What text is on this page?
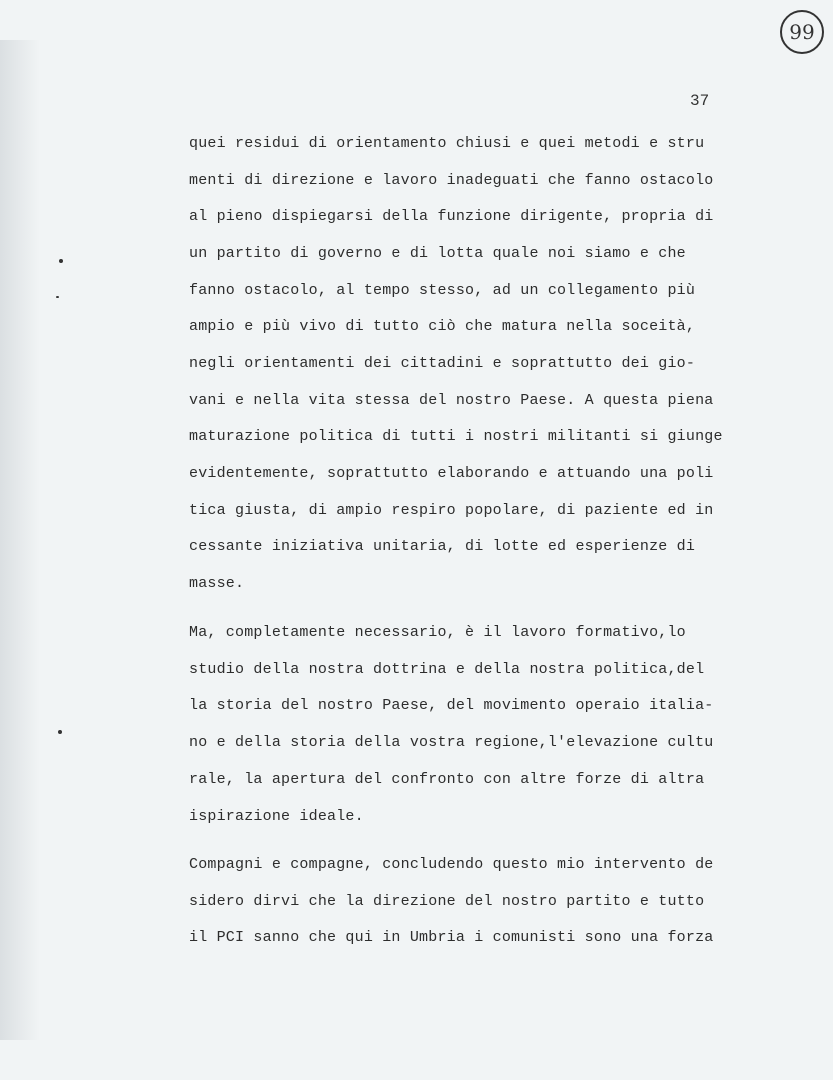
99
37
quei residui di orientamento chiusi e quei metodi e stru
menti di direzione e lavoro inadeguati che fanno ostacolo
al pieno dispiegarsi della funzione dirigente, propria di
un partito di governo e di lotta quale noi siamo e che
fanno ostacolo, al tempo stesso, ad un collegamento più
ampio e più vivo di tutto ciò che matura nella soceità,
negli orientamenti dei cittadini e soprattutto dei gio-
vani e nella vita stessa del nostro Paese. A questa piena
maturazione politica di tutti i nostri militanti si giunge
evidentemente, soprattutto elaborando e attuando una poli
tica giusta, di ampio respiro popolare, di paziente ed in
cessante iniziativa unitaria, di lotte ed esperienze di
masse.
Ma, completamente necessario, è il lavoro formativo,lo
studio della nostra dottrina e della nostra politica,del
la storia del nostro Paese, del movimento operaio italia-
no e della storia della vostra regione,l'elevazione cultu
rale, la apertura del confronto con altre forze di altra
ispirazione ideale.
Compagni e compagne, concludendo questo mio intervento de
sidero dirvi che la direzione del nostro partito e tutto
il PCI sanno che qui in Umbria i comunisti sono una forza
